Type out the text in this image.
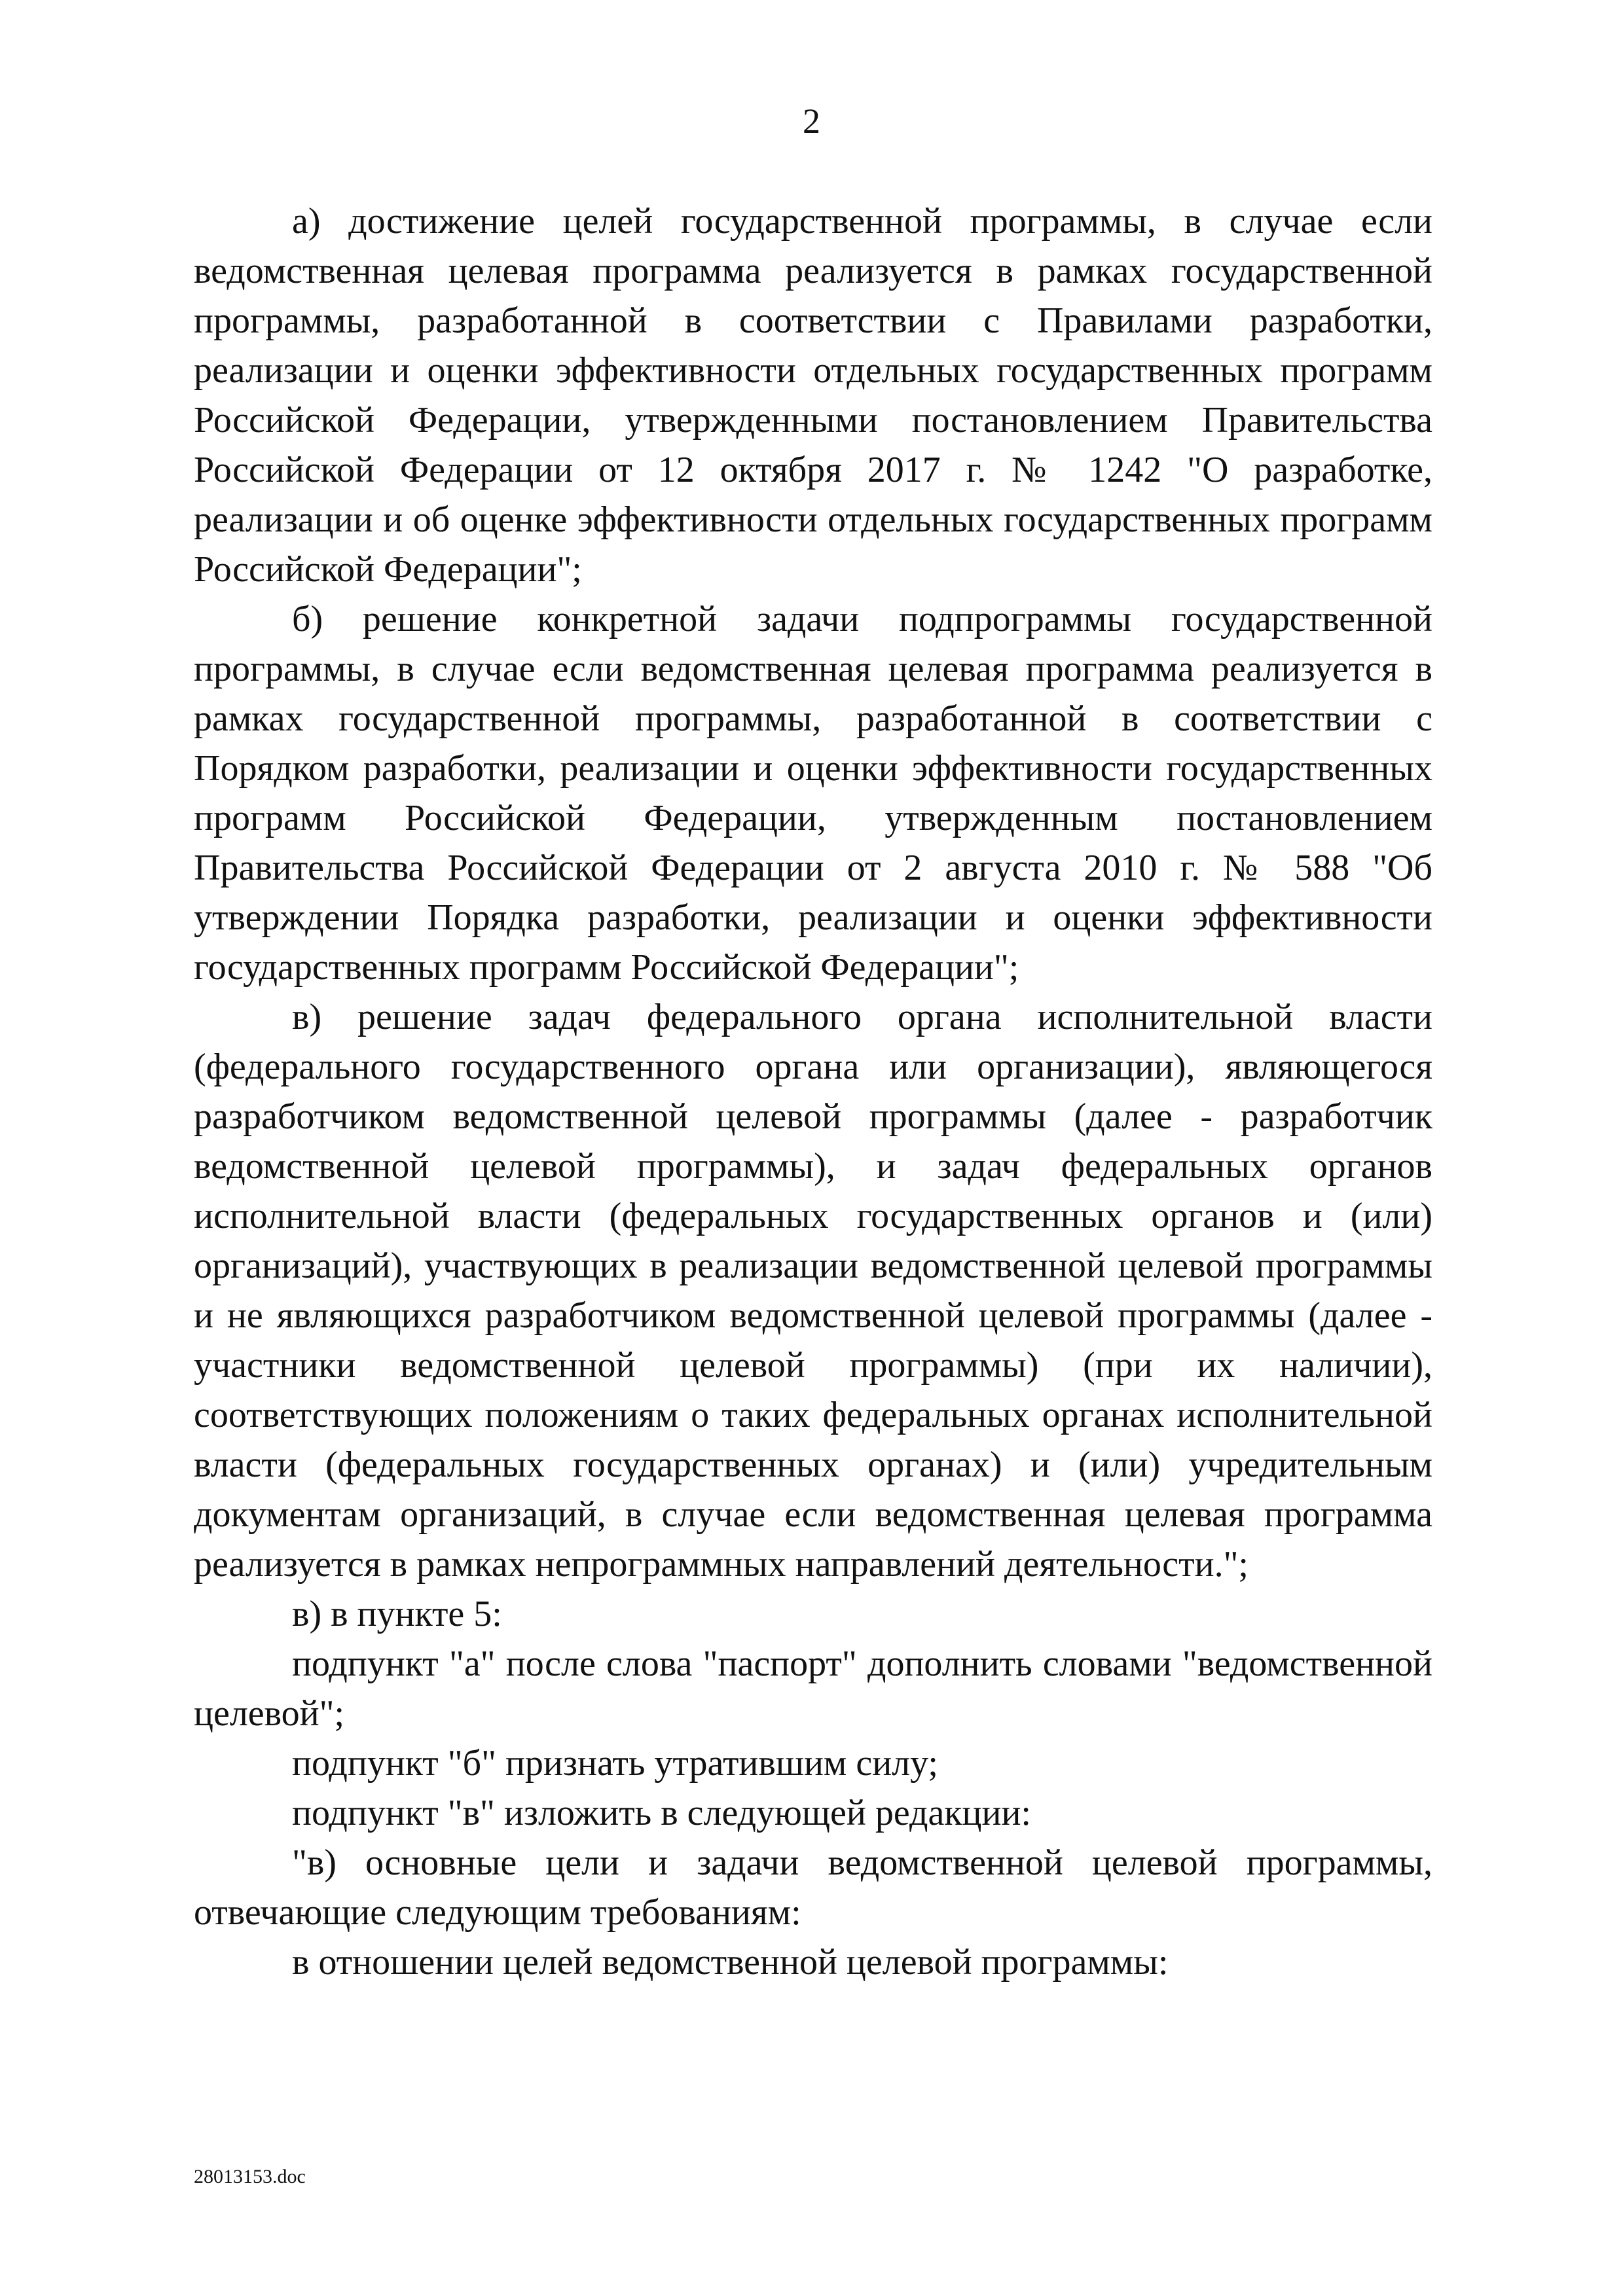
2

а) достижение целей государственной программы, в случае если ведомственная целевая программа реализуется в рамках государственной программы, разработанной в соответствии с Правилами разработки, реализации и оценки эффективности отдельных государственных программ Российской Федерации, утвержденными постановлением Правительства Российской Федерации от 12 октября 2017 г. № 1242 "О разработке, реализации и об оценке эффективности отдельных государственных программ Российской Федерации";

б) решение конкретной задачи подпрограммы государственной программы, в случае если ведомственная целевая программа реализуется в рамках государственной программы, разработанной в соответствии с Порядком разработки, реализации и оценки эффективности государственных программ Российской Федерации, утвержденным постановлением Правительства Российской Федерации от 2 августа 2010 г. № 588 "Об утверждении Порядка разработки, реализации и оценки эффективности государственных программ Российской Федерации";

в) решение задач федерального органа исполнительной власти (федерального государственного органа или организации), являющегося разработчиком ведомственной целевой программы (далее - разработчик ведомственной целевой программы), и задач федеральных органов исполнительной власти (федеральных государственных органов и (или) организаций), участвующих в реализации ведомственной целевой программы и не являющихся разработчиком ведомственной целевой программы (далее - участники ведомственной целевой программы) (при их наличии), соответствующих положениям о таких федеральных органах исполнительной власти (федеральных государственных органах) и (или) учредительным документам организаций, в случае если ведомственная целевая программа реализуется в рамках непрограммных направлений деятельности.";

в) в пункте 5:

подпункт "а" после слова "паспорт" дополнить словами "ведомственной целевой";

подпункт "б" признать утратившим силу;

подпункт "в" изложить в следующей редакции:

"в) основные цели и задачи ведомственной целевой программы, отвечающие следующим требованиям:

в отношении целей ведомственной целевой программы:

28013153.doc
